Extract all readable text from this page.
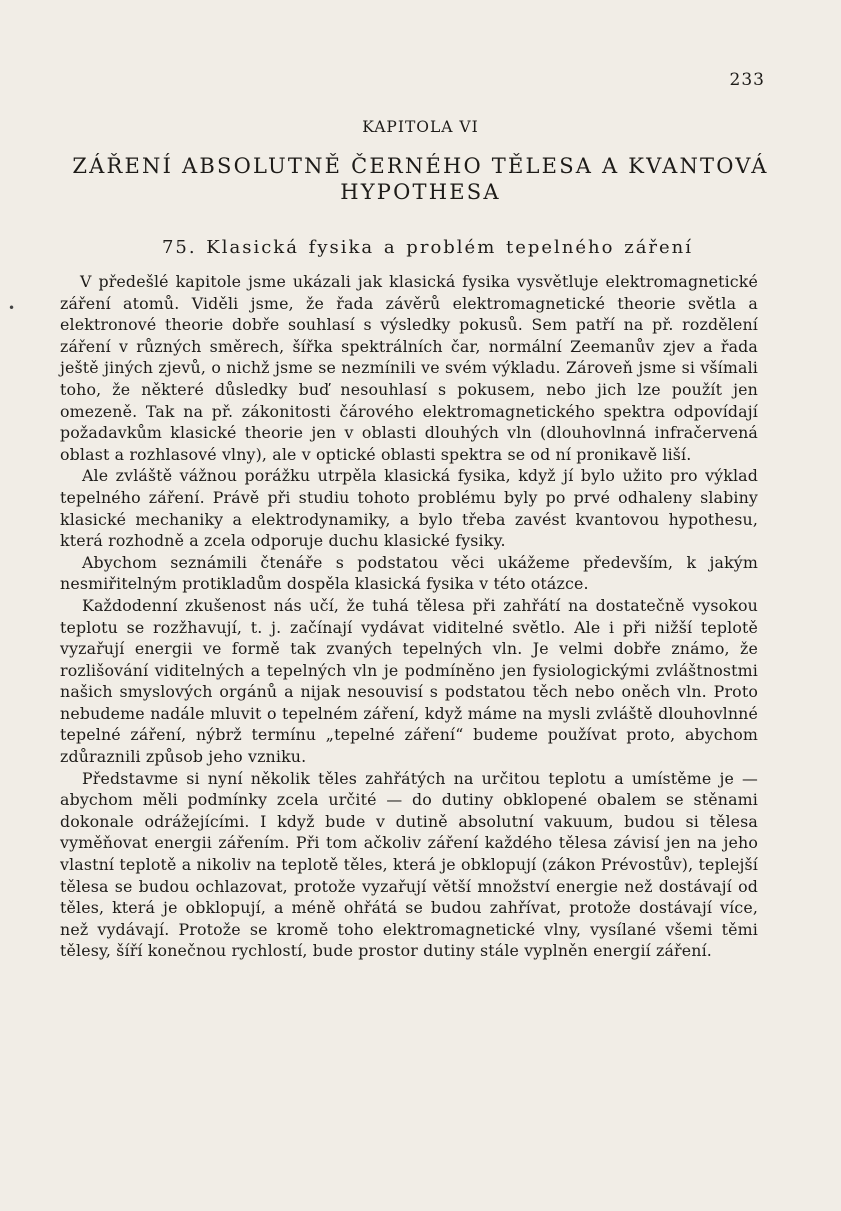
•
233
KAPITOLA VI
ZÁŘENÍ ABSOLUTNĚ ČERNÉHO TĚLESA A KVANTOVÁ HYPOTHESA
75. Klasická fysika a problém tepelného záření

V předešlé kapitole jsme ukázali jak klasická fysika vysvětluje elektromagnetické záření atomů. Viděli jsme, že řada závěrů elektromagnetické theorie světla a elektronové theorie dobře souhlasí s výsledky pokusů. Sem patří na př. rozdělení záření v různých směrech, šířka spektrálních čar, normální Zeemanův zjev a řada ještě jiných zjevů, o nichž jsme se nezmínili ve svém výkladu. Zároveň jsme si všímali toho, že některé důsledky buď nesouhlasí s pokusem, nebo jich lze použít jen omezeně. Tak na př. zákonitosti čárového elektromagnetického spektra odpovídají požadavkům klasické theorie jen v oblasti dlouhých vln (dlouhovlnná infračervená oblast a rozhlasové vlny), ale v optické oblasti spektra se od ní pronikavě liší.

Ale zvláště vážnou porážku utrpěla klasická fysika, když jí bylo užito pro výklad tepelného záření. Právě při studiu tohoto problému byly po prvé odhaleny slabiny klasické mechaniky a elektrodynamiky, a bylo třeba zavést kvantovou hypothesu, která rozhodně a zcela odporuje duchu klasické fysiky.

Abychom seznámili čtenáře s podstatou věci ukážeme především, k jakým nesmiřitelným protikladům dospěla klasická fysika v této otázce.

Každodenní zkušenost nás učí, že tuhá tělesa při zahřátí na dostatečně vysokou teplotu se rozžhavují, t. j. začínají vydávat viditelné světlo. Ale i při nižší teplotě vyzařují energii ve formě tak zvaných tepelných vln. Je velmi dobře známo, že rozlišování viditelných a tepelných vln je podmíněno jen fysiologickými zvláštnostmi našich smyslových orgánů a nijak nesouvisí s podstatou těch nebo oněch vln. Proto nebudeme nadále mluvit o tepelném záření, když máme na mysli zvláště dlouhovlnné tepelné záření, nýbrž termínu „tepelné záření“ budeme používat proto, abychom zdůraznili způsob jeho vzniku.

Představme si nyní několik těles zahřátých na určitou teplotu a umístěme je — abychom měli podmínky zcela určité — do dutiny obklopené obalem se stěnami dokonale odrážejícími. I když bude v dutině absolutní vakuum, budou si tělesa vyměňovat energii zářením. Při tom ačkoliv záření každého tělesa závisí jen na jeho vlastní teplotě a nikoliv na teplotě těles, která je obklopují (zákon Prévostův), teplejší tělesa se budou ochlazovat, protože vyzařují větší množství energie než dostávají od těles, která je obklopují, a méně ohřátá se budou zahřívat, protože dostávají více, než vydávají. Protože se kromě toho elektromagnetické vlny, vysílané všemi těmi tělesy, šíří konečnou rychlostí, bude prostor dutiny stále vyplněn energií záření.
